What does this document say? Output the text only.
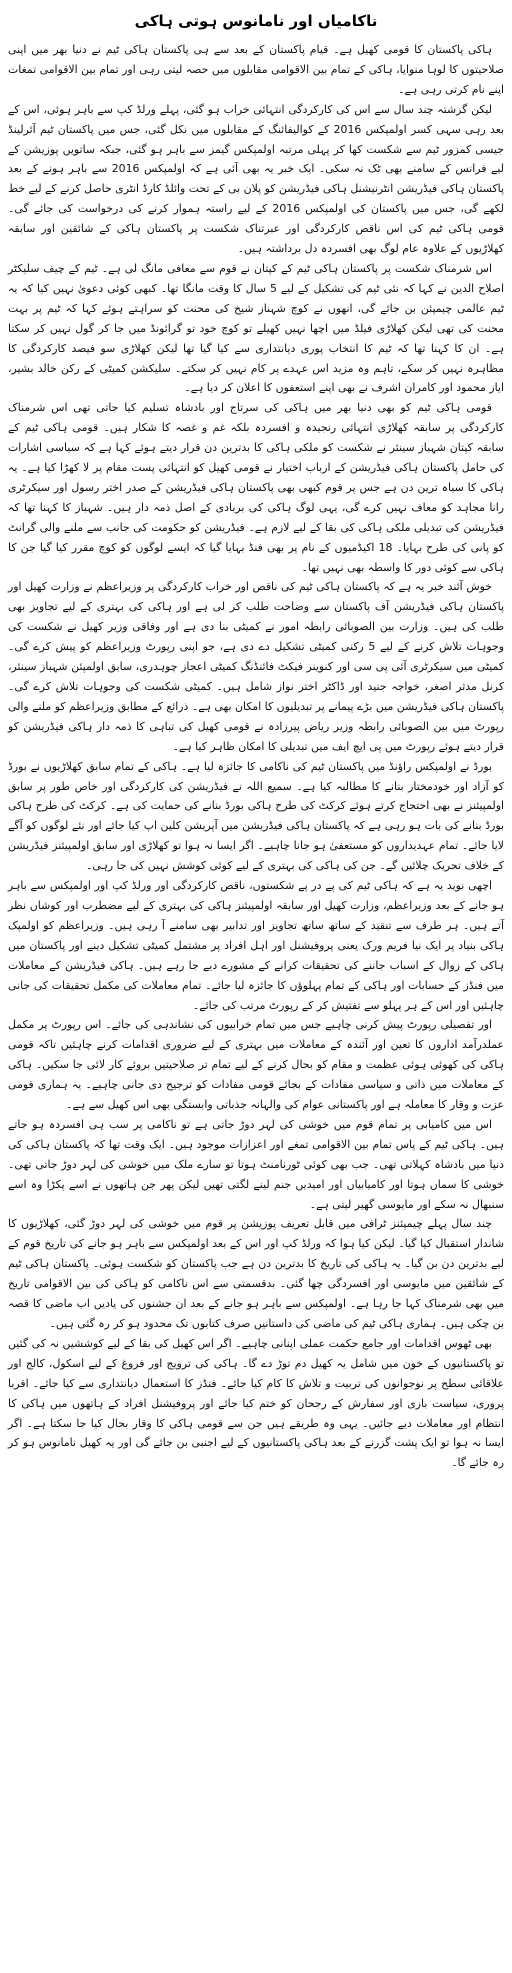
ناکامیاں اور نامانوس ہوتی ہاکی

ہاکی پاکستان کا قومی کھیل ہے۔ قیام پاکستان کے بعد سے ہی پاکستان ہاکی ٹیم نے دنیا بھر میں اپنی صلاحیتوں کا لوہا منوایا، ہاکی کے تمام بین الاقوامی مقابلوں میں حصہ لیتی رہی اور تمام بین الاقوامی تمغات اپنے نام کرتی رہی ہے۔

لیکن گزشتہ چند سال سے اس کی کارکردگی انتہائی خراب ہو گئی، پہلے ورلڈ کپ سے باہر ہوئی، اس کے بعد رہی سہی کسر اولمپکس 2016 کے کوالیفائنگ کے مقابلوں میں نکل گئی، جس میں پاکستان ٹیم آئرلینڈ جیسی کمزور ٹیم سے شکست کھا کر پہلی مرتبہ اولمپکس گیمز سے باہر ہو گئی، جبکہ ساتویں پوزیشن کے لیے فرانس کے سامنے بھی ٹک نہ سکی۔ ایک خبر یہ بھی آئی ہے کہ اولمپکس 2016 سے باہر ہونے کے بعد پاکستان ہاکی فیڈریشن انٹرنیشنل ہاکی فیڈریشن کو پلان بی کے تحت وائلڈ کارڈ انٹری حاصل کرنے کے لیے خط لکھے گی، جس میں پاکستان کی اولمپکس 2016 کے لیے راستہ ہموار کرنے کی درخواست کی جائے گی۔ قومی ہاکی ٹیم کی اس ناقص کارکردگی اور عبرتناک شکست پر پاکستان ہاکی کے شائقین اور سابقہ کھلاڑیوں کے علاوہ عام لوگ بھی افسردہ دل برداشتہ ہیں۔

اس شرمناک شکست پر پاکستان ہاکی ٹیم کے کپتان نے قوم سے معافی مانگ لی ہے۔ ٹیم کے چیف سلیکٹر اصلاح الدین نے کہا کہ نئی ٹیم کی تشکیل کے لیے 5 سال کا وقت مانگا تھا۔ کبھی کوئی دعویٰ نہیں کیا کہ یہ ٹیم عالمی چیمپئن بن جائے گی، انھوں نے کوچ شہناز شیخ کی محنت کو سراہتے ہوئے کہا کہ ٹیم پر بہت محنت کی تھی لیکن کھلاڑی فیلڈ میں اچھا نہیں کھیلے تو کوچ خود تو گرائونڈ میں جا کر گول نہیں کر سکتا ہے۔ ان کا کہنا تھا کہ ٹیم کا انتخاب پوری دیانتداری سے کیا گیا تھا لیکن کھلاڑی سو فیصد کارکردگی کا مظاہرہ نہیں کر سکے، تاہم وہ مزید اس عہدے پر کام نہیں کر سکتے۔ سلیکشن کمیٹی کے رکن خالد بشیر، ایاز محمود اور کامران اشرف نے بھی اپنے استعفوں کا اعلان کر دیا ہے۔

قومی ہاکی ٹیم کو بھی دنیا بھر میں ہاکی کی سرتاج اور بادشاہ تسلیم کیا جاتی تھی اس شرمناک کارکردگی پر سابقہ کھلاڑی انتہائی رنجیدہ و افسردہ بلکہ غم و غصہ کا شکار ہیں۔ قومی ہاکی ٹیم کے سابقہ کپتان شہباز سینئر نے شکست کو ملکی ہاکی کا بدترین دن قرار دیتے ہوئے کہا ہے کہ سیاسی اشارات کی حامل پاکستان ہاکی فیڈریشن کے ارباب اختیار نے قومی کھیل کو انتہائی پست مقام پر لا کھڑا کیا ہے۔ یہ ہاکی کا سیاہ ترین دن ہے جس پر قوم کبھی بھی پاکستان ہاکی فیڈریشن کے صدر اختر رسول اور سیکرٹری رانا مجاہد کو معاف نہیں کرے گی، یہی لوگ ہاکی کی بربادی کے اصل ذمہ دار ہیں۔ شہباز کا کہنا تھا کہ فیڈریشن کی تبدیلی ملکی ہاکی کی بقا کے لیے لازم ہے۔ فیڈریشن کو حکومت کی جانب سے ملنے والی گرانٹ کو پانی کی طرح بہایا۔ 18 اکیڈمیوں کے نام پر بھی فنڈ بہایا گیا کہ ایسے لوگوں کو کوچ مقرر کیا گیا جن کا ہاکی سے کوئی دور کا واسطہ بھی نہیں تھا۔

خوش آئند خبر یہ ہے کہ پاکستان ہاکی ٹیم کی ناقص اور خراب کارکردگی پر وزیراعظم نے وزارت کھیل اور پاکستان ہاکی فیڈریشن آف پاکستان سے وضاحت طلب کر لی ہے اور ہاکی کی بہتری کے لیے تجاویز بھی طلب کی ہیں۔ وزارت بین الصوبائی رابطہ امور نے کمیٹی بنا دی ہے اور وفاقی وزیر کھیل نے شکست کی وجوہات تلاش کرنے کے لیے 5 رکنی کمیٹی تشکیل دے دی ہے، جو اپنی رپورٹ وزیراعظم کو پیش کرے گی۔ کمیٹی میں سیکرٹری آئی پی سی اور کنوینر فیکٹ فائنڈنگ کمیٹی اعجاز چوہدری، سابق اولمپئن شہباز سینئر، کرنل مدثر اصغر، خواجہ جنید اور ڈاکٹر اختر نواز شامل ہیں۔ کمیٹی شکست کی وجوہات تلاش کرے گی۔ پاکستان ہاکی فیڈریشن میں بڑے پیمانے پر تبدیلیوں کا امکان بھی ہے۔ ذرائع کے مطابق وزیراعظم کو ملنے والی رپورٹ میں بین الصوبائی رابطہ وزیر ریاض پیرزادہ نے قومی کھیل کی تباہی کا ذمہ دار ہاکی فیڈریشن کو قرار دیتے ہوئے رپورٹ میں پی ایچ ایف میں تبدیلی کا امکان ظاہر کیا ہے۔

بورڈ نے اولمپکس راؤنڈ میں پاکستان ٹیم کی ناکامی کا جائزہ لیا ہے۔ ہاکی کے تمام سابق کھلاڑیوں نے بورڈ کو آزاد اور خودمختار بنانے کا مطالبہ کیا ہے۔ سمیع اللہ نے فیڈریشن کی کارکردگی اور خاص طور پر سابق اولمپیئنز نے بھی احتجاج کرتے ہوئے کرکٹ کی طرح ہاکی بورڈ بنانے کی حمایت کی ہے۔ کرکٹ کی طرح ہاکی بورڈ بنانے کی بات ہو رہی ہے کہ پاکستان ہاکی فیڈریشن میں آپریشن کلین اپ کیا جائے اور نئے لوگوں کو آگے لایا جائے۔ تمام عہدیداروں کو مستعفیٰ ہو جانا چاہیے۔ اگر ایسا نہ ہوا تو کھلاڑی اور سابق اولمپیئنز فیڈریشن کے خلاف تحریک چلائیں گے۔ جن کی ہاکی کی بہتری کے لیے کوئی کوشش نہیں کی جا رہی۔

اچھی نوید یہ ہے کہ ہاکی ٹیم کی پے در پے شکستوں، ناقص کارکردگی اور ورلڈ کپ اور اولمپکس سے باہر ہو جانے کے بعد وزیراعظم، وزارت کھیل اور سابقہ اولمپیئنز ہاکی کی بہتری کے لیے مضطرب اور کوشاں نظر آتے ہیں۔ ہر طرف سے تنقید کے ساتھ ساتھ تجاویز اور تدابیر بھی سامنے آ رہی ہیں۔ وزیراعظم کو اولمپک ہاکی بنیاد پر ایک نیا فریم ورک یعنی پروفیشنل اور اہل افراد پر مشتمل کمیٹی تشکیل دینے اور پاکستان میں ہاکی کے زوال کے اسباب جاننے کی تحقیقات کرانے کے مشورے دیے جا رہے ہیں۔ ہاکی فیڈریشن کے معاملات میں فنڈز کے حسابات اور ہاکی کے تمام پہلوؤں کا جائزہ لیا جائے۔ تمام معاملات کی مکمل تحقیقات کی جانی چاہئیں اور اس کے ہر پہلو سے تفتیش کر کے رپورٹ مرتب کی جائے۔

اور تفصیلی رپورٹ پیش کرنی چاہیے جس میں تمام خرابیوں کی نشاندہی کی جائے۔ اس رپورٹ پر مکمل عملدرآمد اداروں کا تعین اور آئندہ کے معاملات میں بہتری کے لیے ضروری اقدامات کرنے چاہئیں تاکہ قومی ہاکی کی کھوئی ہوئی عظمت و مقام کو بحال کرنے کے لیے تمام تر صلاحیتیں بروئے کار لائی جا سکیں۔ ہاکی کے معاملات میں ذاتی و سیاسی مفادات کے بجائے قومی مفادات کو ترجیح دی جانی چاہیے۔ یہ ہماری قومی عزت و وقار کا معاملہ ہے اور پاکستانی عوام کی والہانہ جذباتی وابستگی بھی اس کھیل سے ہے۔

اس میں کامیابی پر تمام قوم میں خوشی کی لہر دوڑ جاتی ہے تو ناکامی پر سب ہی افسردہ ہو جاتے ہیں۔ ہاکی ٹیم کے پاس تمام بین الاقوامی تمغے اور اعزازات موجود ہیں۔ ایک وقت تھا کہ پاکستان ہاکی کی دنیا میں بادشاہ کہلاتی تھی۔ جب بھی کوئی ٹورنامنٹ ہوتا تو سارے ملک میں خوشی کی لہر دوڑ جاتی تھی۔ خوشی کا سماں ہوتا اور کامیابیاں اور امیدیں جنم لینے لگتی تھیں لیکن پھر جن ہاتھوں نے اسے پکڑا وہ اسے سنبھال نہ سکے اور مایوسی گھیر لیتی ہے۔

چند سال پہلے چیمپئنز ٹرافی میں قابل تعریف پوزیشن پر قوم میں خوشی کی لہر دوڑ گئی، کھلاڑیوں کا شاندار استقبال کیا گیا۔ لیکن کیا ہوا کہ ورلڈ کپ اور اس کے بعد اولمپکس سے باہر ہو جانے کی تاریخ قوم کے لیے بدترین دن بن گیا۔ یہ ہاکی کی تاریخ کا بدترین دن ہے جب پاکستان کو شکست ہوئی۔ پاکستان ہاکی ٹیم کے شائقین میں مایوسی اور افسردگی چھا گئی۔ بدقسمتی سے اس ناکامی کو ہاکی کی بین الاقوامی تاریخ میں بھی شرمناک کہا جا رہا ہے۔ اولمپکس سے باہر ہو جانے کے بعد ان جشنوں کی یادیں اب ماضی کا قصہ بن چکی ہیں۔ ہماری ہاکی ٹیم کی ماضی کی داستانیں صرف کتابوں تک محدود ہو کر رہ گئی ہیں۔

بھی ٹھوس اقدامات اور جامع حکمت عملی اپنانی چاہیے۔ اگر اس کھیل کی بقا کے لیے کوششیں نہ کی گئیں تو پاکستانیوں کے خون میں شامل یہ کھیل دم توڑ دے گا۔ ہاکی کی ترویج اور فروغ کے لیے اسکول، کالج اور علاقائی سطح پر نوجوانوں کی تربیت و تلاش کا کام کیا جائے۔ فنڈز کا استعمال دیانتداری سے کیا جائے۔ اقربا پروری، سیاست بازی اور سفارش کے رجحان کو ختم کیا جائے اور پروفیشنل افراد کے ہاتھوں میں ہاکی کا انتظام اور معاملات دیے جائیں۔ یہی وہ طریقے ہیں جن سے قومی ہاکی کا وقار بحال کیا جا سکتا ہے۔ اگر ایسا نہ ہوا تو ایک پشت گزرنے کے بعد ہاکی پاکستانیوں کے لیے اجنبی بن جائے گی اور یہ کھیل نامانوس ہو کر رہ جائے گا۔
